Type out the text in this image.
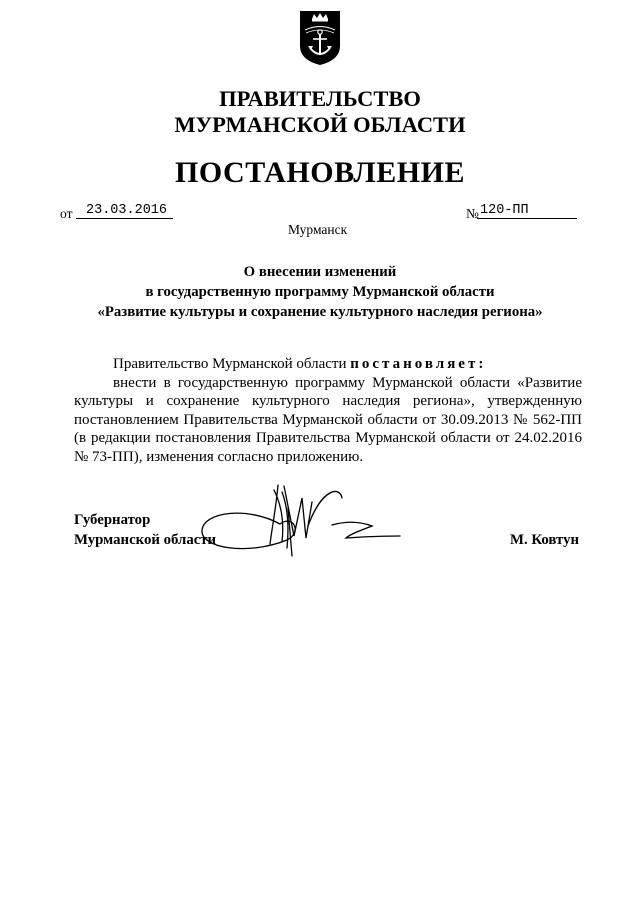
ПРАВИТЕЛЬСТВО
МУРМАНСКОЙ ОБЛАСТИ
ПОСТАНОВЛЕНИЕ
от 23.03.2016	№ 120-ПП
Мурманск
О внесении изменений
в государственную программу Мурманской области
«Развитие культуры и сохранение культурного наследия региона»
Правительство Мурманской области постановляет:
внести в государственную программу Мурманской области «Развитие
культуры и сохранение культурного наследия региона», утвержденную
постановлением Правительства Мурманской области от 30.09.2013 № 562-ПП
(в редакции постановления Правительства Мурманской области от 24.02.2016
№ 73-ПП), изменения согласно приложению.
Губернатор
Мурманской области	М. Ковтун
